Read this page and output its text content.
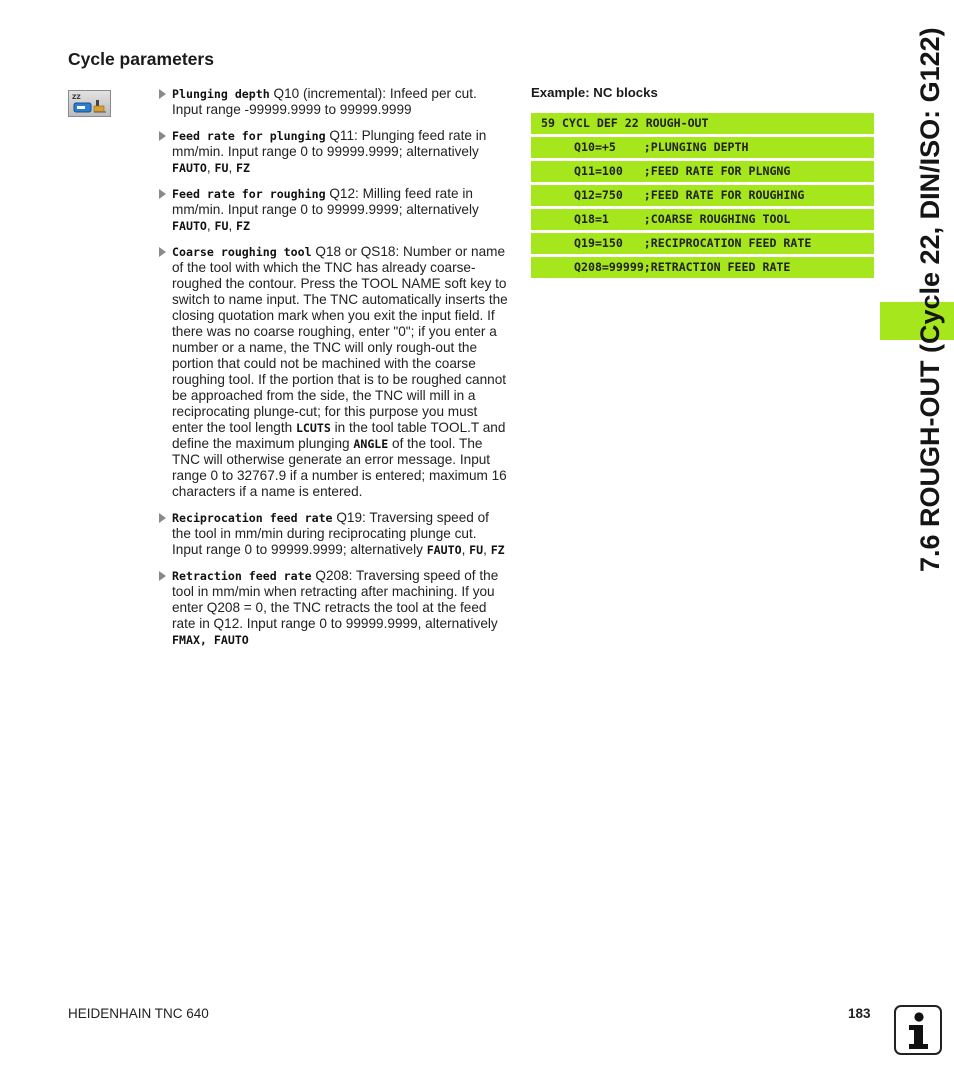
Cycle parameters
ZZ	Plunging depth Q10 (incremental): Infeed per cut. Input range -99999.9999 to 99999.9999
Feed rate for plunging Q11: Plunging feed rate in mm/min. Input range 0 to 99999.9999; alternatively FAUTO, FU, FZ
Feed rate for roughing Q12: Milling feed rate in mm/min. Input range 0 to 99999.9999; alternatively FAUTO, FU, FZ
Coarse roughing tool Q18 or QS18: Number or name of the tool with which the TNC has already coarse-roughed the contour. Press the TOOL NAME soft key to switch to name input. The TNC automatically inserts the closing quotation mark when you exit the input field. If there was no coarse roughing, enter "0"; if you enter a number or a name, the TNC will only rough-out the portion that could not be machined with the coarse roughing tool. If the portion that is to be roughed cannot be approached from the side, the TNC will mill in a reciprocating plunge-cut; for this purpose you must enter the tool length LCUTS in the tool table TOOL.T and define the maximum plunging ANGLE of the tool. The TNC will otherwise generate an error message. Input range 0 to 32767.9 if a number is entered; maximum 16 characters if a name is entered.
Reciprocation feed rate Q19: Traversing speed of the tool in mm/min during reciprocating plunge cut. Input range 0 to 99999.9999; alternatively FAUTO, FU, FZ
Retraction feed rate Q208: Traversing speed of the tool in mm/min when retracting after machining. If you enter Q208 = 0, the TNC retracts the tool at the feed rate in Q12. Input range 0 to 99999.9999, alternatively FMAX, FAUTO
Example: NC blocks
59 CYCL DEF 22 ROUGH-OUT
Q10=+5    ;PLUNGING DEPTH
Q11=100   ;FEED RATE FOR PLNGNG
Q12=750   ;FEED RATE FOR ROUGHING
Q18=1     ;COARSE ROUGHING TOOL
Q19=150   ;RECIPROCATION FEED RATE
Q208=99999;RETRACTION FEED RATE	7.6 ROUGH-OUT (Cycle 22, DIN/ISO: G122)
HEIDENHAIN TNC 640	183
